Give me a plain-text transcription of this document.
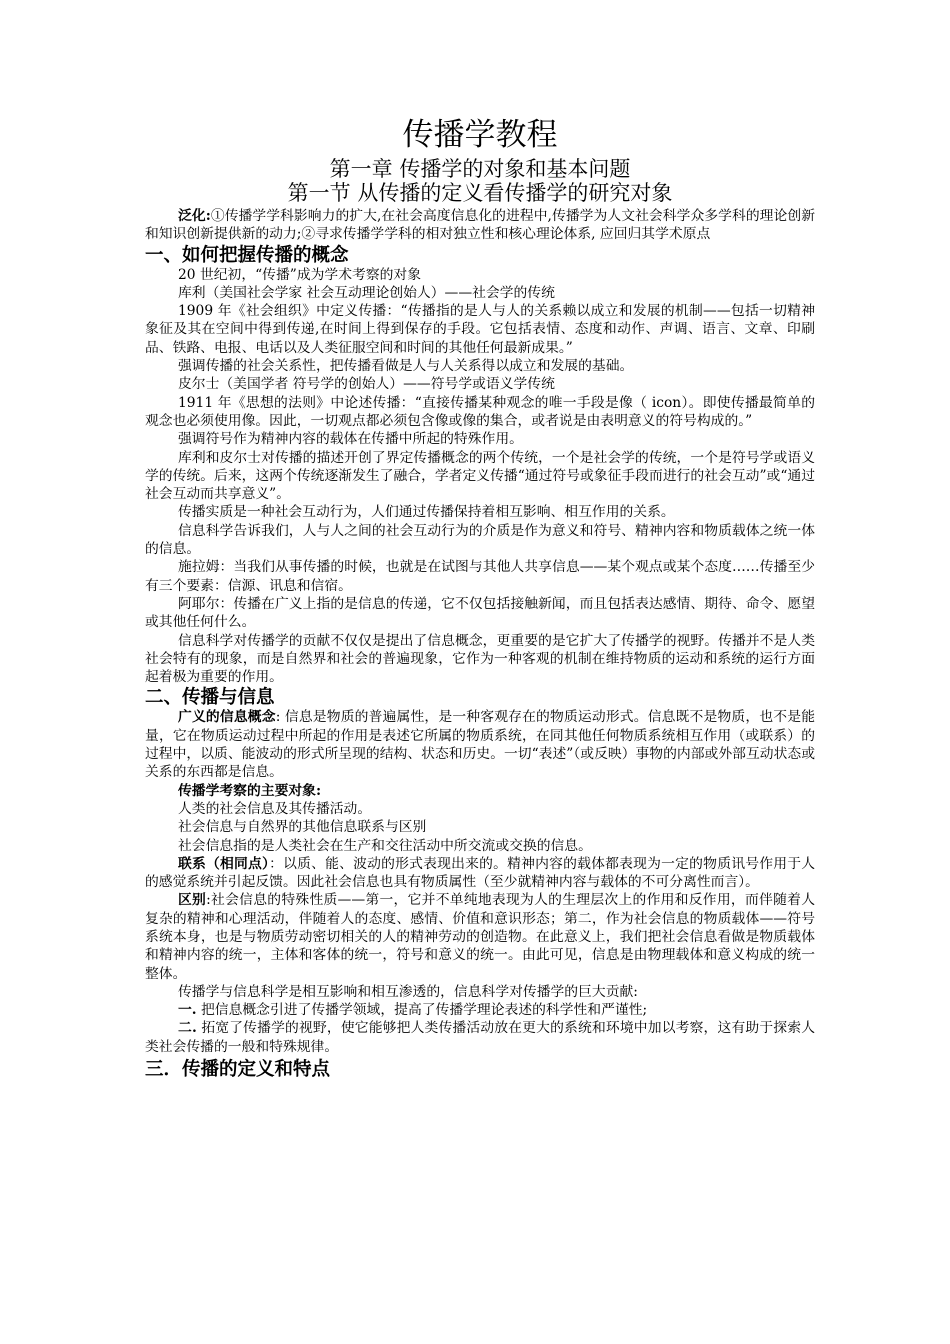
传播学教程
第一章 传播学的对象和基本问题
第一节 从传播的定义看传播学的研究对象

泛化:①传播学学科影响力的扩大,在社会高度信息化的进程中,传播学为人文社会科学众多学科的理论创新和知识创新提供新的动力;②寻求传播学学科的相对独立性和核心理论体系, 应回归其学术原点

一、如何把握传播的概念

20 世纪初，“传播”成为学术考察的对象

库利（美国社会学家 社会互动理论创始人）——社会学的传统

1909 年《社会组织》中定义传播：“传播指的是人与人的关系赖以成立和发展的机制——包括一切精神象征及其在空间中得到传递,在时间上得到保存的手段。它包括表情、态度和动作、声调、语言、文章、印刷品、铁路、电报、电话以及人类征服空间和时间的其他任何最新成果。”

强调传播的社会关系性，把传播看做是人与人关系得以成立和发展的基础。

皮尔士（美国学者 符号学的创始人）——符号学或语义学传统

1911 年《思想的法则》中论述传播：“直接传播某种观念的唯一手段是像（ icon）。即使传播最简单的观念也必须使用像。因此，一切观点都必须包含像或像的集合，或者说是由表明意义的符号构成的。”

强调符号作为精神内容的载体在传播中所起的特殊作用。

库利和皮尔士对传播的描述开创了界定传播概念的两个传统，一个是社会学的传统，一个是符号学或语义学的传统。后来，这两个传统逐渐发生了融合，学者定义传播“通过符号或象征手段而进行的社会互动”或“通过社会互动而共享意义”。

传播实质是一种社会互动行为，人们通过传播保持着相互影响、相互作用的关系。

信息科学告诉我们，人与人之间的社会互动行为的介质是作为意义和符号、精神内容和物质载体之统一体的信息。

施拉姆：当我们从事传播的时候，也就是在试图与其他人共享信息——某个观点或某个态度……传播至少有三个要素：信源、讯息和信宿。

阿耶尔：传播在广义上指的是信息的传递，它不仅包括接触新闻，而且包括表达感情、期待、命令、愿望或其他任何什么。

信息科学对传播学的贡献不仅仅是提出了信息概念，更重要的是它扩大了传播学的视野。传播并不是人类社会特有的现象，而是自然界和社会的普遍现象，它作为一种客观的机制在维持物质的运动和系统的运行方面起着极为重要的作用。

二、传播与信息

广义的信息概念: 信息是物质的普遍属性，是一种客观存在的物质运动形式。信息既不是物质，也不是能量，它在物质运动过程中所起的作用是表述它所属的物质系统，在同其他任何物质系统相互作用（或联系）的过程中，以质、能波动的形式所呈现的结构、状态和历史。一切“表述”（或反映）事物的内部或外部互动状态或关系的东西都是信息。

传播学考察的主要对象:

人类的社会信息及其传播活动。

社会信息与自然界的其他信息联系与区别

社会信息指的是人类社会在生产和交往活动中所交流或交换的信息。

联系（相同点）：以质、能、波动的形式表现出来的。精神内容的载体都表现为一定的物质讯号作用于人的感觉系统并引起反馈。因此社会信息也具有物质属性（至少就精神内容与载体的不可分离性而言）。

区别:社会信息的特殊性质——第一，它并不单纯地表现为人的生理层次上的作用和反作用，而伴随着人复杂的精神和心理活动，伴随着人的态度、感情、价值和意识形态；第二，作为社会信息的物质载体——符号系统本身，也是与物质劳动密切相关的人的精神劳动的创造物。在此意义上，我们把社会信息看做是物质载体和精神内容的统一，主体和客体的统一，符号和意义的统一。由此可见，信息是由物理载体和意义构成的统一整体。

传播学与信息科学是相互影响和相互渗透的，信息科学对传播学的巨大贡献:

一. 把信息概念引进了传播学领域，提高了传播学理论表述的科学性和严谨性;

二. 拓宽了传播学的视野，使它能够把人类传播活动放在更大的系统和环境中加以考察，这有助于探索人类社会传播的一般和特殊规律。

三．传播的定义和特点
